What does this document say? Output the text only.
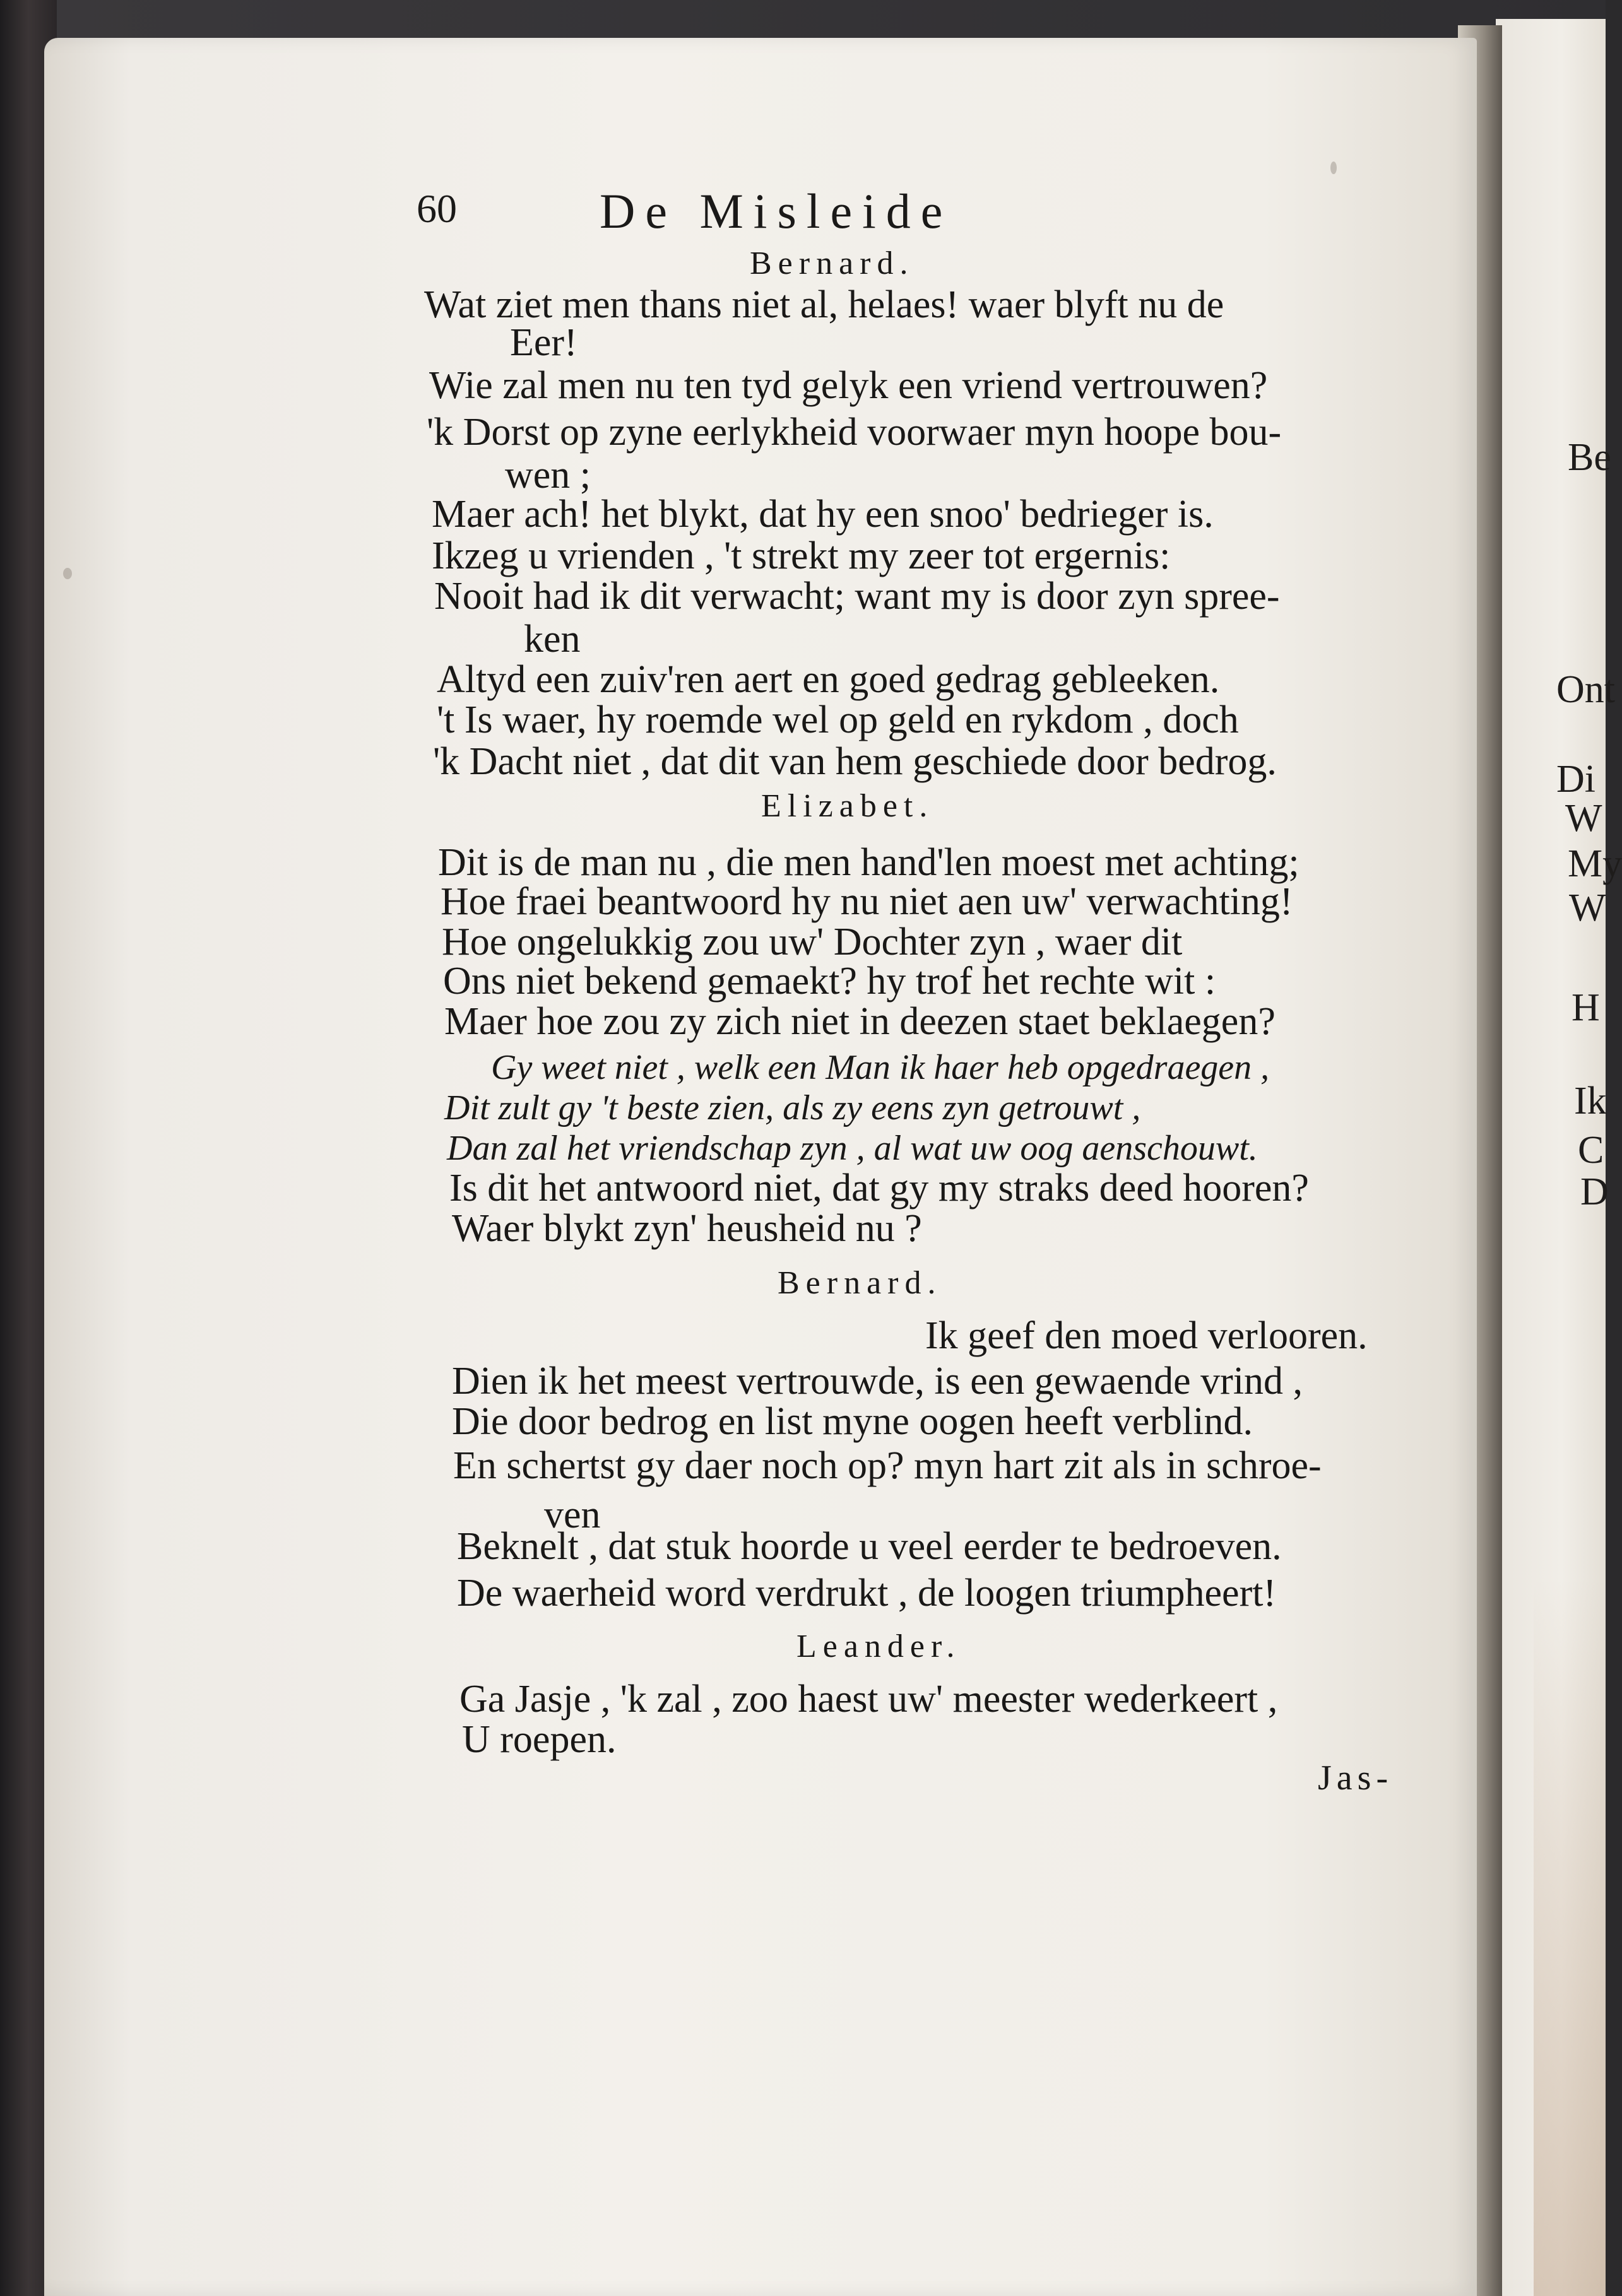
60	De Misleide
Bernard.
Wat ziet men thans niet al, helaes! waer blyft nu de
Eer!
Wie zal men nu ten tyd gelyk een vriend vertrouwen?
'k Dorst op zyne eerlykheid voorwaer myn hoope bou-
wen ;
Maer ach! het blykt, dat hy een snoo' bedrieger is.
Ikzeg u vrienden , 't strekt my zeer tot ergernis:
Nooit had ik dit verwacht; want my is door zyn spree-
ken
Altyd een zuiv'ren aert en goed gedrag gebleeken.
't Is waer, hy roemde wel op geld en rykdom , doch
'k Dacht niet , dat dit van hem geschiede door bedrog.
Elizabet.
Dit is de man nu , die men hand'len moest met achting;
Hoe fraei beantwoord hy nu niet aen uw' verwachting!
Hoe ongelukkig zou uw' Dochter zyn , waer dit
Ons niet bekend gemaekt? hy trof het rechte wit :
Maer hoe zou zy zich niet in deezen staet beklaegen?
Gy weet niet , welk een Man ik haer heb opgedraegen ,
Dit zult gy 't beste zien, als zy eens zyn getrouwt ,
Dan zal het vriendschap zyn , al wat uw oog aenschouwt.
Is dit het antwoord niet, dat gy my straks deed hooren?
Waer blykt zyn' heusheid nu ?
Bernard.
Ik geef den moed verlooren.
Dien ik het meest vertrouwde, is een gewaende vrind ,
Die door bedrog en list myne oogen heeft verblind.
En schertst gy daer noch op? myn hart zit als in schroe-
ven
Beknelt , dat stuk hoorde u veel eerder te bedroeven.
De waerheid word verdrukt , de loogen triumpheert!
Leander.
Ga Jasje , 'k zal , zoo haest uw' meester wederkeert ,
U roepen.
Jas-
Be
Ont
Di
W
My
W
H
Ik
C
D
